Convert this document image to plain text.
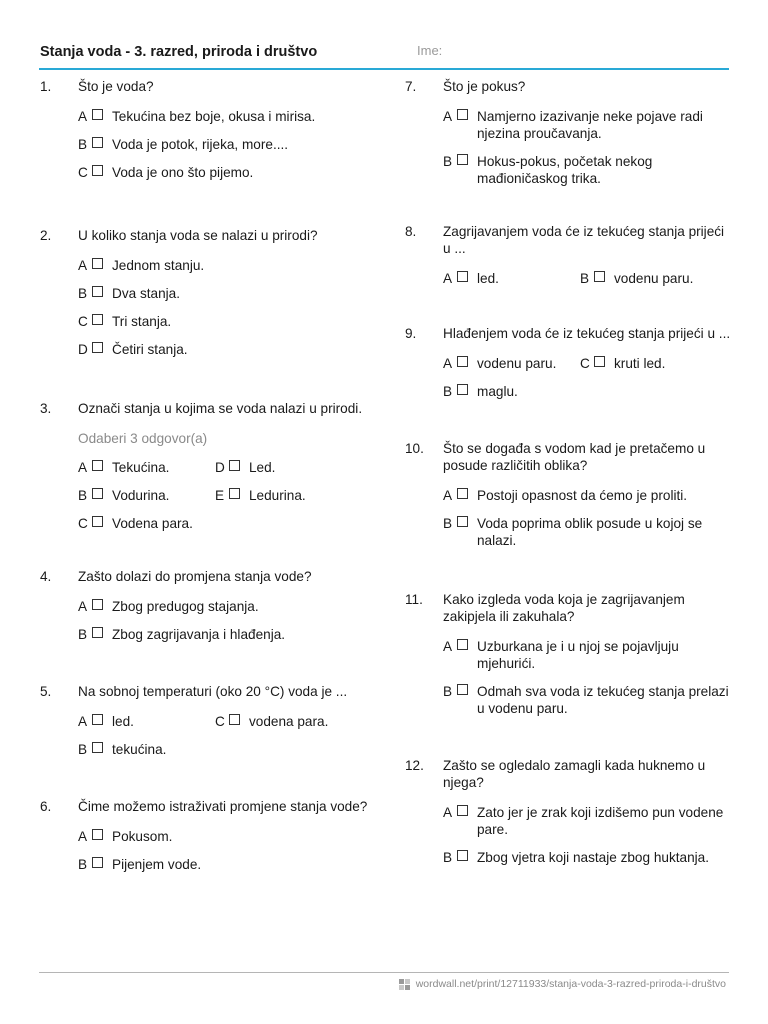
Stanja voda - 3. razred, priroda i društvo	Ime:
1. Što je voda?
A	Tekućina bez boje, okusa i mirisa.
B	Voda je potok, rijeka, more....
C	Voda je ono što pijemo.
2. U koliko stanja voda se nalazi u prirodi?
A	Jednom stanju.
B	Dva stanja.
C	Tri stanja.
D	Četiri stanja.
3. Označi stanja u kojima se voda nalazi u prirodi.
Odaberi 3 odgovor(a)
A	Tekućina.	D	Led.
B	Vodurina.	E	Ledurina.
C	Vodena para.
4. Zašto dolazi do promjena stanja vode?
A	Zbog predugog stajanja.
B	Zbog zagrijavanja i hlađenja.
5. Na sobnoj temperaturi (oko 20 °C) voda je ...
A	led.	C	vodena para.
B	tekućina.
6. Čime možemo istraživati promjene stanja vode?
A	Pokusom.
B	Pijenjem vode.
7. Što je pokus?
A	Namjerno izazivanje neke pojave radi njezina proučavanja.
B	Hokus-pokus, početak nekog mađioničaskog trika.
8. Zagrijavanjem voda će iz tekućeg stanja prijeći u ...
A	led.	B	vodenu paru.
9. Hlađenjem voda će iz tekućeg stanja prijeći u ...
A	vodenu paru. C	kruti led.
B	maglu.
10. Što se događa s vodom kad je pretačemo u posude različitih oblika?
A	Postoji opasnost da ćemo je proliti.
B	Voda poprima oblik posude u kojoj se nalazi.
11. Kako izgleda voda koja je zagrijavanjem zakipjela ili zakuhala?
A	Uzburkana je i u njoj se pojavljuju mjehurići.
B	Odmah sva voda iz tekućeg stanja prelazi u vodenu paru.
12. Zašto se ogledalo zamagli kada huknemo u njega?
A	Zato jer je zrak koji izdišemo pun vodene pare.
B	Zbog vjetra koji nastaje zbog huktanja.
wordwall.net/print/12711933/stanja-voda-3-razred-priroda-i-društvo
